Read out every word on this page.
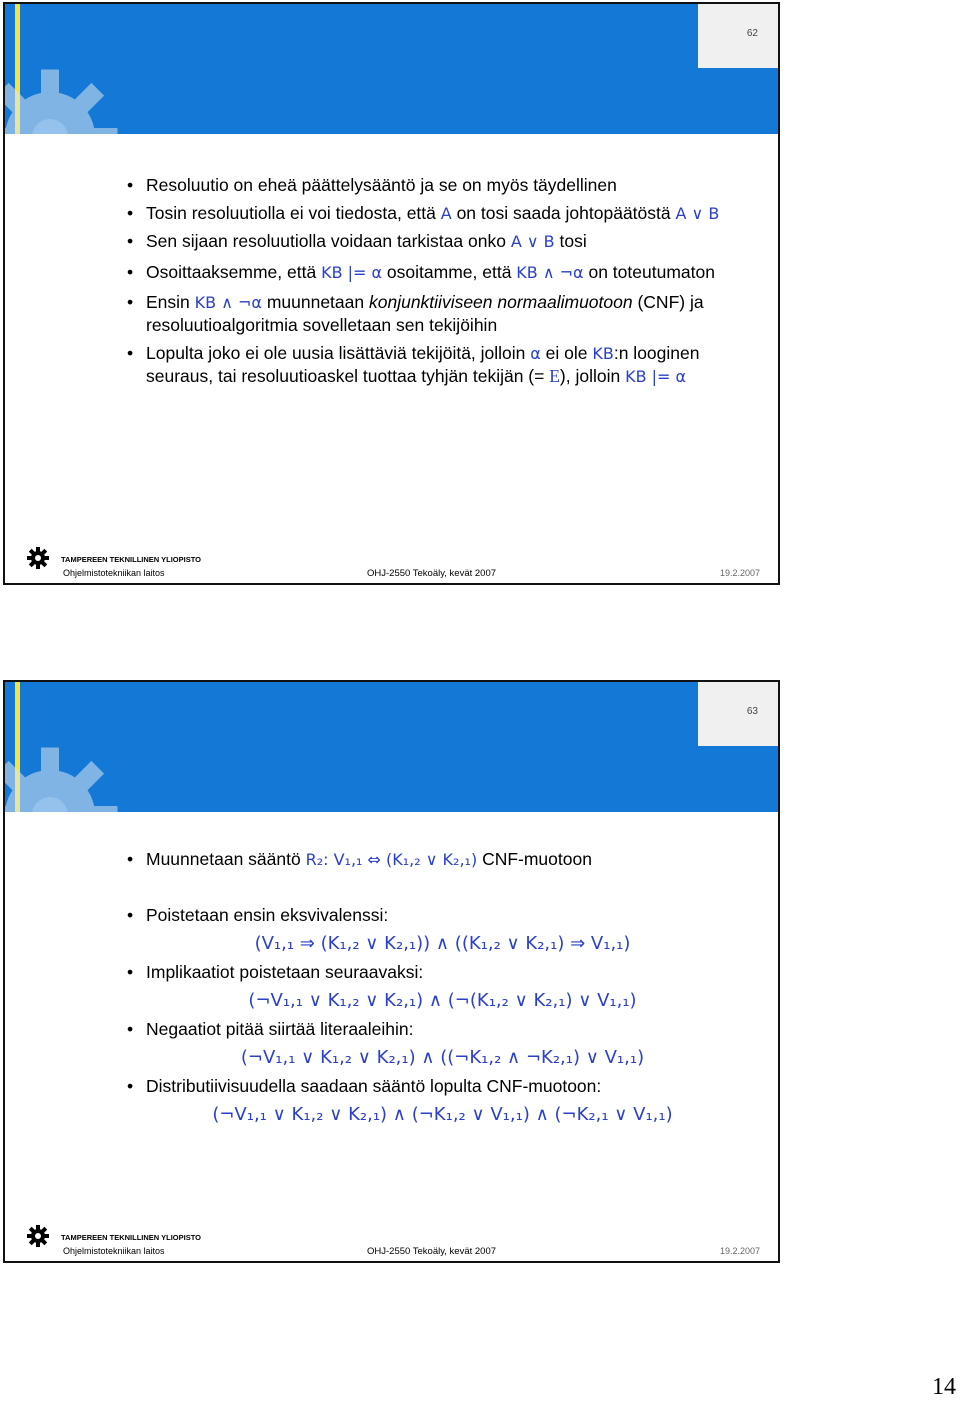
62
• Resoluutio on eheä päättelysääntö ja se on myös täydellinen
• Tosin resoluutiolla ei voi tiedosta, että A on tosi saada johtopäätöstä A ∨ B
• Sen sijaan resoluutiolla voidaan tarkistaa onko A ∨ B tosi
• Osoittaaksemme, että KB |= α osoitamme, että KB ∧ ¬α on toteutumaton
• Ensin KB ∧ ¬α muunnetaan konjunktiiviseen normaalimuotoon (CNF) ja resoluutioalgoritmia sovelletaan sen tekijöihin
• Lopulta joko ei ole uusia lisättäviä tekijöitä, jolloin α ei ole KB:n looginen seuraus, tai resoluutioaskel tuottaa tyhjän tekijän (= E), jolloin KB |= α
TAMPEREEN TEKNILLINEN YLIOPISTO
Ohjelmistotekniikan laitos	OHJ-2550 Tekoäly, kevät 2007	19.2.2007
63
• Muunnetaan sääntö R₂: V₁,₁ ⇔ (K₁,₂ ∨ K₂,₁) CNF-muotoon
• Poistetaan ensin eksvivalenssi:
(V₁,₁ ⇒ (K₁,₂ ∨ K₂,₁)) ∧ ((K₁,₂ ∨ K₂,₁) ⇒ V₁,₁)
• Implikaatiot poistetaan seuraavaksi:
(¬V₁,₁ ∨ K₁,₂ ∨ K₂,₁) ∧ (¬(K₁,₂ ∨ K₂,₁) ∨ V₁,₁)
• Negaatiot pitää siirtää literaaleihin:
(¬V₁,₁ ∨ K₁,₂ ∨ K₂,₁) ∧ ((¬K₁,₂ ∧ ¬K₂,₁) ∨ V₁,₁)
• Distributiivisuudella saadaan sääntö lopulta CNF-muotoon:
(¬V₁,₁ ∨ K₁,₂ ∨ K₂,₁) ∧ (¬K₁,₂ ∨ V₁,₁) ∧ (¬K₂,₁ ∨ V₁,₁)
TAMPEREEN TEKNILLINEN YLIOPISTO
Ohjelmistotekniikan laitos	OHJ-2550 Tekoäly, kevät 2007	19.2.2007
14
